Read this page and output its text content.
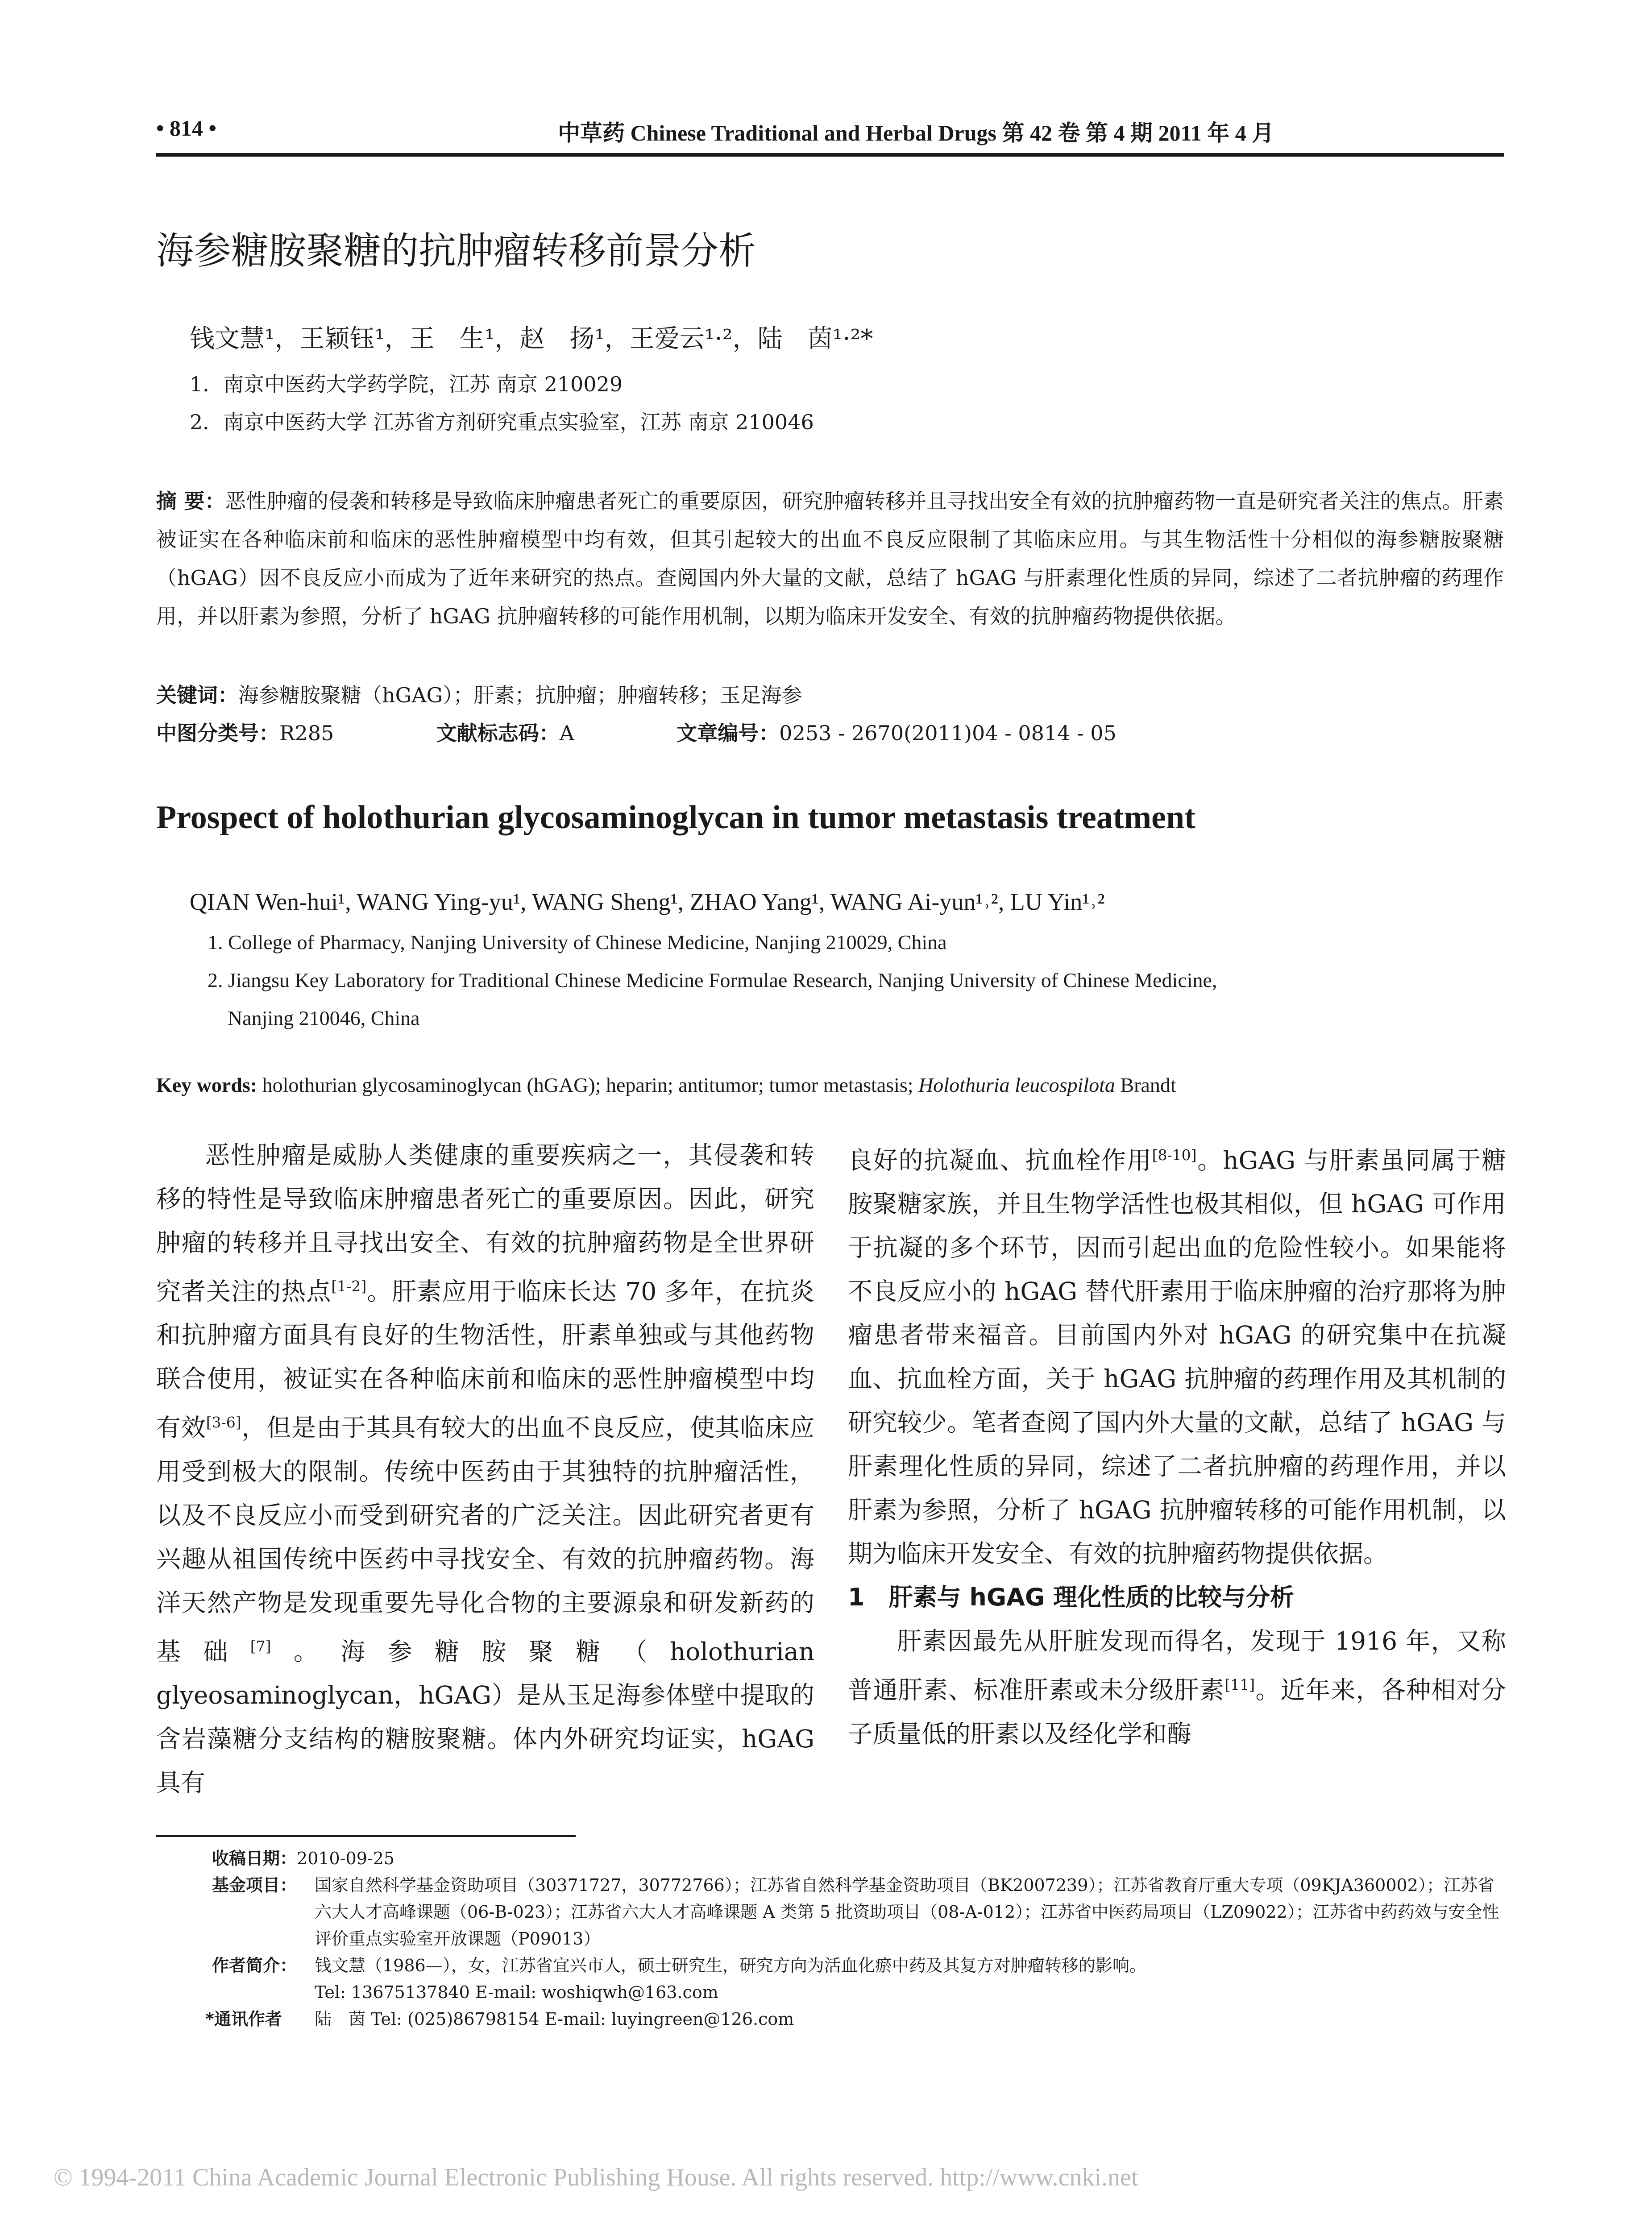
• 814 •	中草药 Chinese Traditional and Herbal Drugs 第 42 卷 第 4 期 2011 年 4 月
海参糖胺聚糖的抗肿瘤转移前景分析
钱文慧¹，王颖钰¹，王　生¹，赵　扬¹，王爱云¹·²，陆　茵¹·²*
1．南京中医药大学药学院，江苏 南京 210029
2．南京中医药大学 江苏省方剂研究重点实验室，江苏 南京 210046
摘 要：恶性肿瘤的侵袭和转移是导致临床肿瘤患者死亡的重要原因，研究肿瘤转移并且寻找出安全有效的抗肿瘤药物一直是研究者关注的焦点。肝素被证实在各种临床前和临床的恶性肿瘤模型中均有效，但其引起较大的出血不良反应限制了其临床应用。与其生物活性十分相似的海参糖胺聚糖（hGAG）因不良反应小而成为了近年来研究的热点。查阅国内外大量的文献，总结了 hGAG 与肝素理化性质的异同，综述了二者抗肿瘤的药理作用，并以肝素为参照，分析了 hGAG 抗肿瘤转移的可能作用机制，以期为临床开发安全、有效的抗肿瘤药物提供依据。
关键词：海参糖胺聚糖（hGAG）；肝素；抗肿瘤；肿瘤转移；玉足海参
中图分类号：R285	文献标志码：A	文章编号：0253 - 2670(2011)04 - 0814 - 05
Prospect of holothurian glycosaminoglycan in tumor metastasis treatment
QIAN Wen-hui¹, WANG Ying-yu¹, WANG Sheng¹, ZHAO Yang¹, WANG Ai-yun¹˒², LU Yin¹˒²
1. College of Pharmacy, Nanjing University of Chinese Medicine, Nanjing 210029, China
2. Jiangsu Key Laboratory for Traditional Chinese Medicine Formulae Research, Nanjing University of Chinese Medicine,
Nanjing 210046, China
Key words: holothurian glycosaminoglycan (hGAG); heparin; antitumor; tumor metastasis; Holothuria leucospilota Brandt

恶性肿瘤是威胁人类健康的重要疾病之一，其侵袭和转移的特性是导致临床肿瘤患者死亡的重要原因。因此，研究肿瘤的转移并且寻找出安全、有效的抗肿瘤药物是全世界研究者关注的热点[1-2]。肝素应用于临床长达 70 多年，在抗炎和抗肿瘤方面具有良好的生物活性，肝素单独或与其他药物联合使用，被证实在各种临床前和临床的恶性肿瘤模型中均有效[3-6]，但是由于其具有较大的出血不良反应，使其临床应用受到极大的限制。传统中医药由于其独特的抗肿瘤活性，以及不良反应小而受到研究者的广泛关注。因此研究者更有兴趣从祖国传统中医药中寻找安全、有效的抗肿瘤药物。海洋天然产物是发现重要先导化合物的主要源泉和研发新药的基础[7]。海参糖胺聚糖（holothurian glyeosaminoglycan，hGAG）是从玉足海参体壁中提取的含岩藻糖分支结构的糖胺聚糖。体内外研究均证实，hGAG 具有

良好的抗凝血、抗血栓作用[8-10]。hGAG 与肝素虽同属于糖胺聚糖家族，并且生物学活性也极其相似，但 hGAG 可作用于抗凝的多个环节，因而引起出血的危险性较小。如果能将不良反应小的 hGAG 替代肝素用于临床肿瘤的治疗那将为肿瘤患者带来福音。目前国内外对 hGAG 的研究集中在抗凝血、抗血栓方面，关于 hGAG 抗肿瘤的药理作用及其机制的研究较少。笔者查阅了国内外大量的文献，总结了 hGAG 与肝素理化性质的异同，综述了二者抗肿瘤的药理作用，并以肝素为参照，分析了 hGAG 抗肿瘤转移的可能作用机制，以期为临床开发安全、有效的抗肿瘤药物提供依据。

1　肝素与 hGAG 理化性质的比较与分析

肝素因最先从肝脏发现而得名，发现于 1916 年，又称普通肝素、标准肝素或未分级肝素[11]。近年来，各种相对分子质量低的肝素以及经化学和酶

收稿日期：2010-09-25
基金项目： 国家自然科学基金资助项目（30371727，30772766）；江苏省自然科学基金资助项目（BK2007239）；江苏省教育厅重大专项（09KJA360002）；江苏省六大人才高峰课题（06-B-023）；江苏省六大人才高峰课题 A 类第 5 批资助项目（08-A-012）；江苏省中医药局项目（LZ09022）；江苏省中药药效与安全性评价重点实验室开放课题（P09013）
作者简介： 钱文慧（1986—），女，江苏省宜兴市人，硕士研究生，研究方向为活血化瘀中药及其复方对肿瘤转移的影响。
Tel: 13675137840 E-mail: woshiqwh@163.com
*通讯作者 陆　茵 Tel: (025)86798154 E-mail: luyingreen@126.com
© 1994-2011 China Academic Journal Electronic Publishing House. All rights reserved. http://www.cnki.net
